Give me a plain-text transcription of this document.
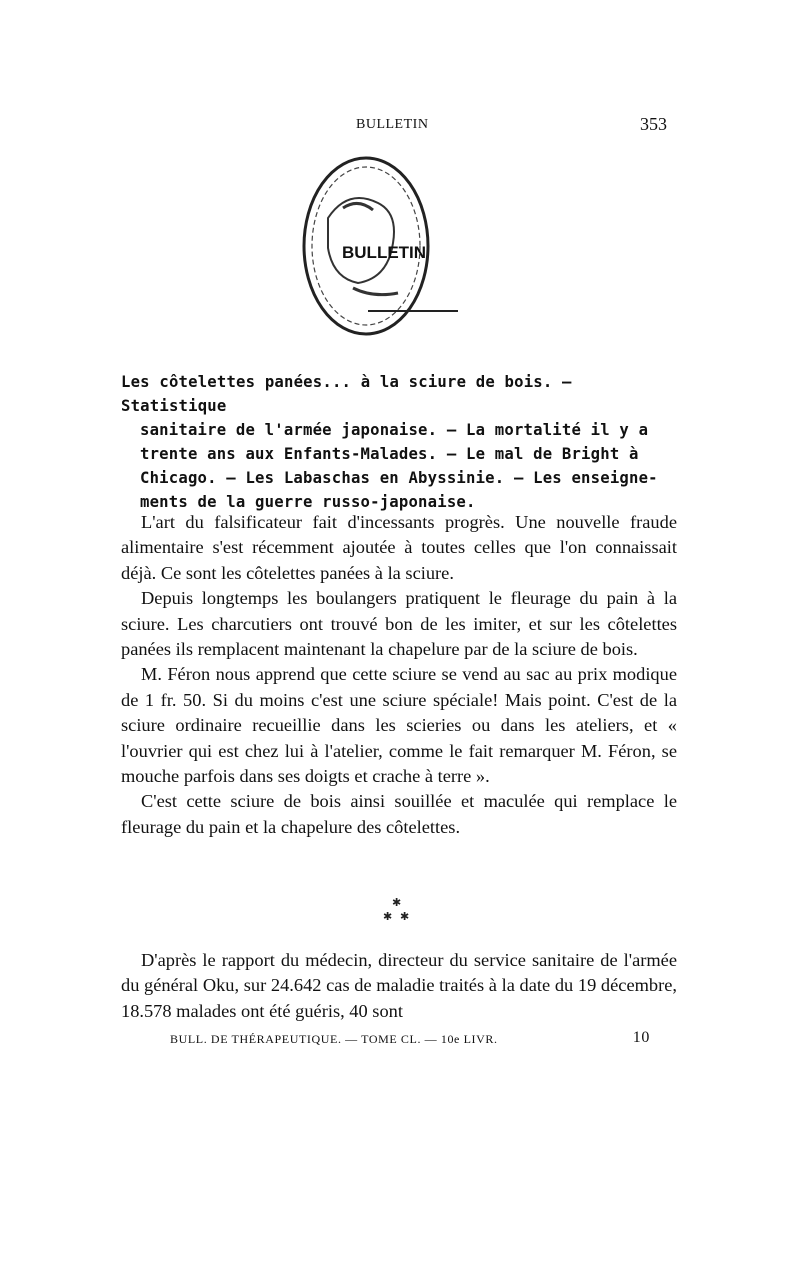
BULLETIN	353
BULLETIN
Les côtelettes panées... à la sciure de bois. — Statistique
sanitaire de l'armée japonaise. — La mortalité il y a
trente ans aux Enfants-Malades. — Le mal de Bright à
Chicago. — Les Labaschas en Abyssinie. — Les enseigne-
ments de la guerre russo-japonaise.

L'art du falsificateur fait d'incessants progrès. Une nouvelle fraude alimentaire s'est récemment ajoutée à toutes celles que l'on connaissait déjà. Ce sont les côtelettes panées à la sciure.

Depuis longtemps les boulangers pratiquent le fleurage du pain à la sciure. Les charcutiers ont trouvé bon de les imiter, et sur les côtelettes panées ils remplacent maintenant la chapelure par de la sciure de bois.

M. Féron nous apprend que cette sciure se vend au sac au prix modique de 1 fr. 50. Si du moins c'est une sciure spéciale! Mais point. C'est de la sciure ordinaire recueillie dans les scieries ou dans les ateliers, et « l'ouvrier qui est chez lui à l'atelier, comme le fait remarquer M. Féron, se mouche parfois dans ses doigts et crache à terre ».

C'est cette sciure de bois ainsi souillée et maculée qui remplace le fleurage du pain et la chapelure des côtelettes.

✱
✱ ✱

D'après le rapport du médecin, directeur du service sanitaire de l'armée du général Oku, sur 24.642 cas de maladie traités à la date du 19 décembre, 18.578 malades ont été guéris, 40 sont

BULL. DE THÉRAPEUTIQUE. — TOME CL. — 10e LIVR.	10
